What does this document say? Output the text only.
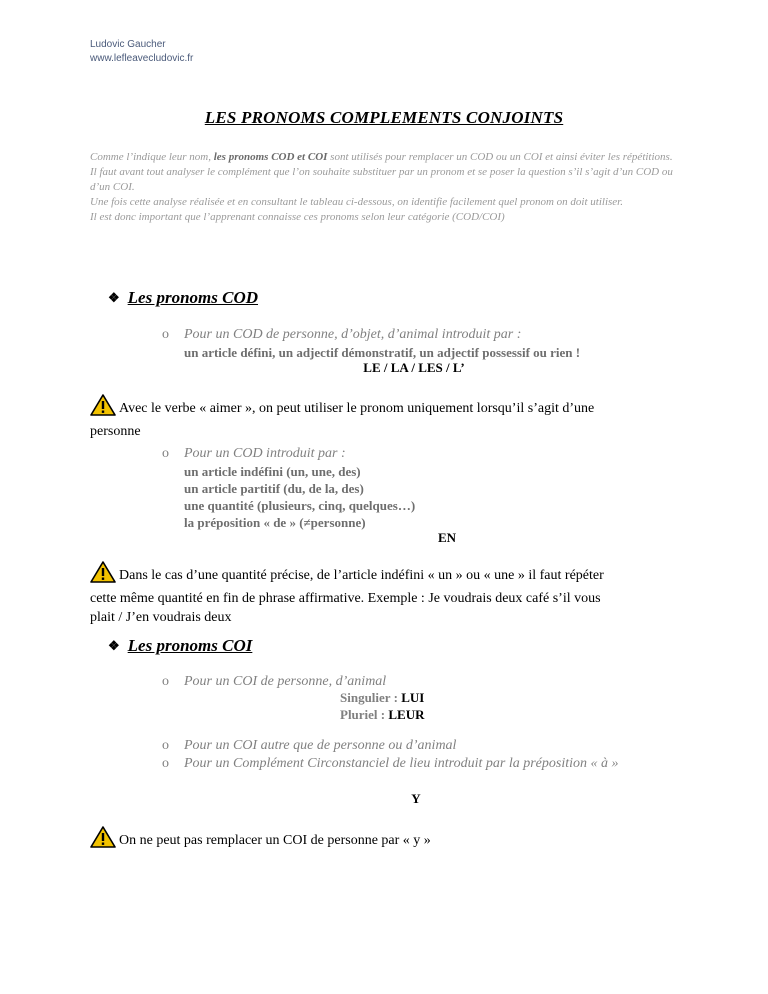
Ludovic Gaucher
www.lefleavecludovic.fr
LES PRONOMS COMPLEMENTS CONJOINTS
Comme l’indique leur nom, les pronoms COD et COI sont utilisés pour remplacer un COD ou un COI et ainsi éviter les répétitions.
Il faut avant tout analyser le complément que l’on souhaite substituer par un pronom et se poser la question s’il s’agit d’un COD ou d’un COI.
Une fois cette analyse réalisée et en consultant le tableau ci-dessous, on identifie facilement quel pronom on doit utiliser.
Il est donc important que l’apprenant connaisse ces pronoms selon leur catégorie (COD/COI)
❖ Les pronoms COD
o Pour un COD de personne, d’objet, d’animal introduit par :
un article défini, un adjectif démonstratif, un adjectif possessif ou rien !
LE / LA / LES / L’
Avec le verbe « aimer », on peut utiliser le pronom uniquement lorsqu’il s’agit d’une
personne
o Pour un COD introduit par :
un article indéfini (un, une, des)
un article partitif (du, de la, des)
une quantité (plusieurs, cinq, quelques…)
la préposition « de » (≠personne)
EN
Dans le cas d’une quantité précise, de l’article indéfini « un » ou « une » il faut répéter
cette même quantité en fin de phrase affirmative. Exemple : Je voudrais deux café s’il vous
plait / J’en voudrais deux
❖ Les pronoms COI
o Pour un COI de personne, d’animal
Singulier : LUI
Pluriel : LEUR
o Pour un COI autre que de personne ou d’animal
o Pour un Complément Circonstanciel de lieu introduit par la préposition « à »
Y
On ne peut pas remplacer un COI de personne par « y »
